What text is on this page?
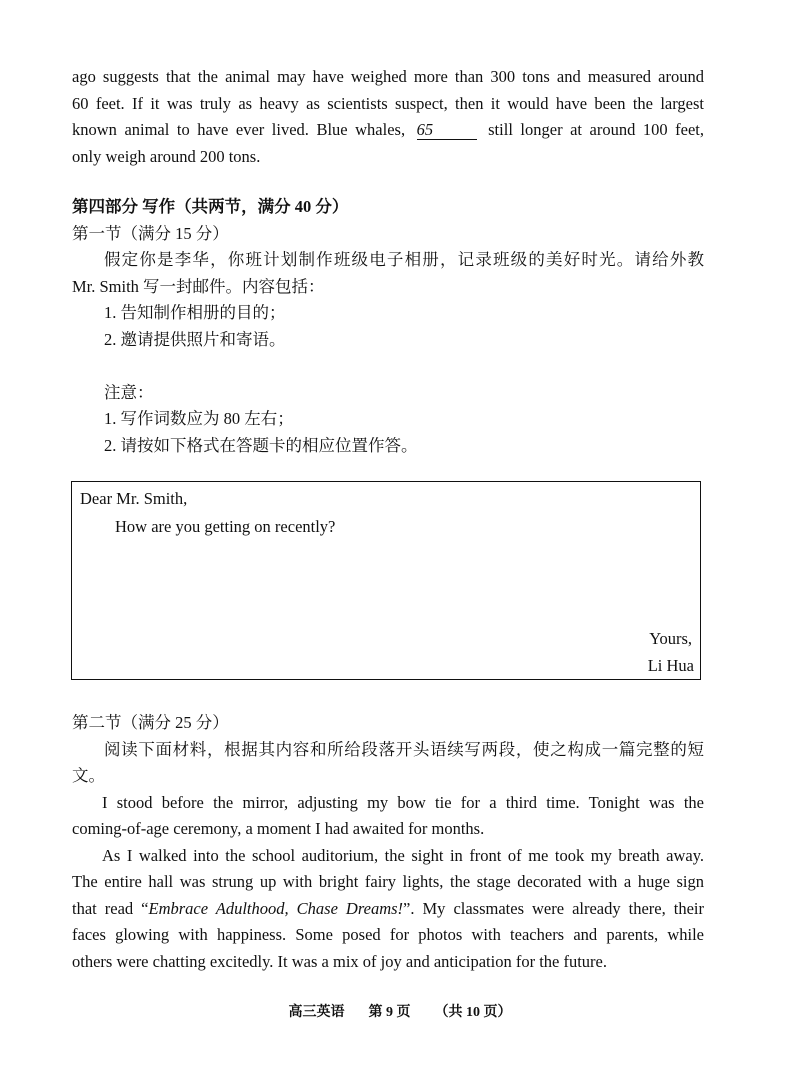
ago suggests that the animal may have weighed more than 300 tons and measured around
60 feet. If it was truly as heavy as scientists suspect, then it would have been the largest
known animal to have ever lived. Blue whales, 65	still longer at around 100 feet,
only weigh around 200 tons.
第四部分 写作（共两节，满分 40 分）
第一节（满分 15 分）
假定你是李华，你班计划制作班级电子相册，记录班级的美好时光。请给外教
Mr. Smith 写一封邮件。内容包括：
1. 告知制作相册的目的；
2. 邀请提供照片和寄语。
注意：
1. 写作词数应为 80 左右；
2. 请按如下格式在答题卡的相应位置作答。
Dear Mr. Smith,
How are you getting on recently?
Yours,
Li Hua
第二节（满分 25 分）
阅读下面材料，根据其内容和所给段落开头语续写两段，使之构成一篇完整的短
文。
I stood before the mirror, adjusting my bow tie for a third time. Tonight was the
coming-of-age ceremony, a moment I had awaited for months.
As I walked into the school auditorium, the sight in front of me took my breath away.
The entire hall was strung up with bright fairy lights, the stage decorated with a huge sign
that read “Embrace Adulthood, Chase Dreams!”. My classmates were already there, their
faces glowing with happiness. Some posed for photos with teachers and parents, while
others were chatting excitedly. It was a mix of joy and anticipation for the future.
高三英语 第 9 页 （共 10 页）
